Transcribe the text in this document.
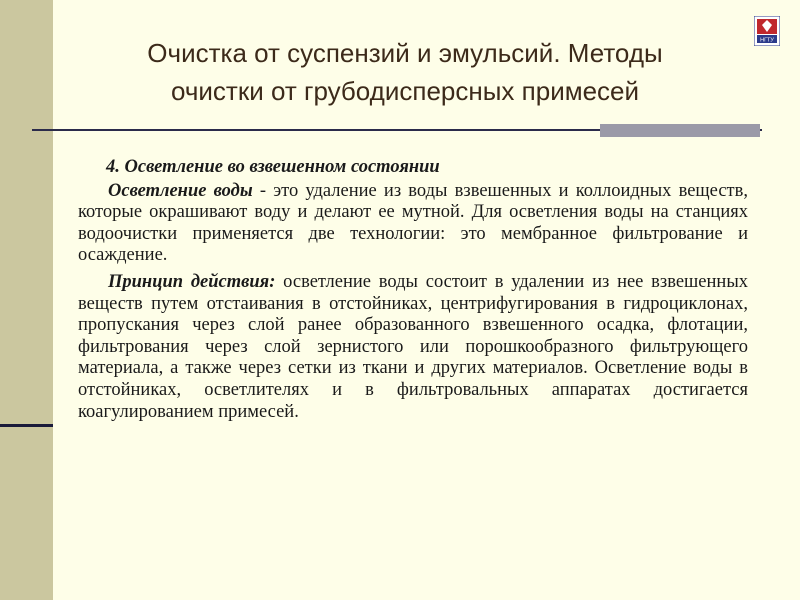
НГТУ
Очистка от суспензий и эмульсий. Методы
очистки от грубодисперсных примесей

4. Осветление во взвешенном состоянии

Осветление воды - это удаление из воды взвешенных и коллоидных веществ, которые окрашивают воду и делают ее мутной. Для осветления воды на станциях водоочистки применяется две технологии: это мембранное фильтрование и осаждение.

Принцип действия: осветление воды состоит в удалении из нее взвешенных веществ путем отстаивания в отстойниках, центрифугирования в гидроциклонах, пропускания через слой ранее образованного взвешенного осадка, флотации, фильтрования через слой зернистого или порошкообразного фильтрующего материала, а также через сетки из ткани и других материалов. Осветление воды в отстойниках, осветлителях и в фильтровальных аппаратах достигается коагулированием примесей.
